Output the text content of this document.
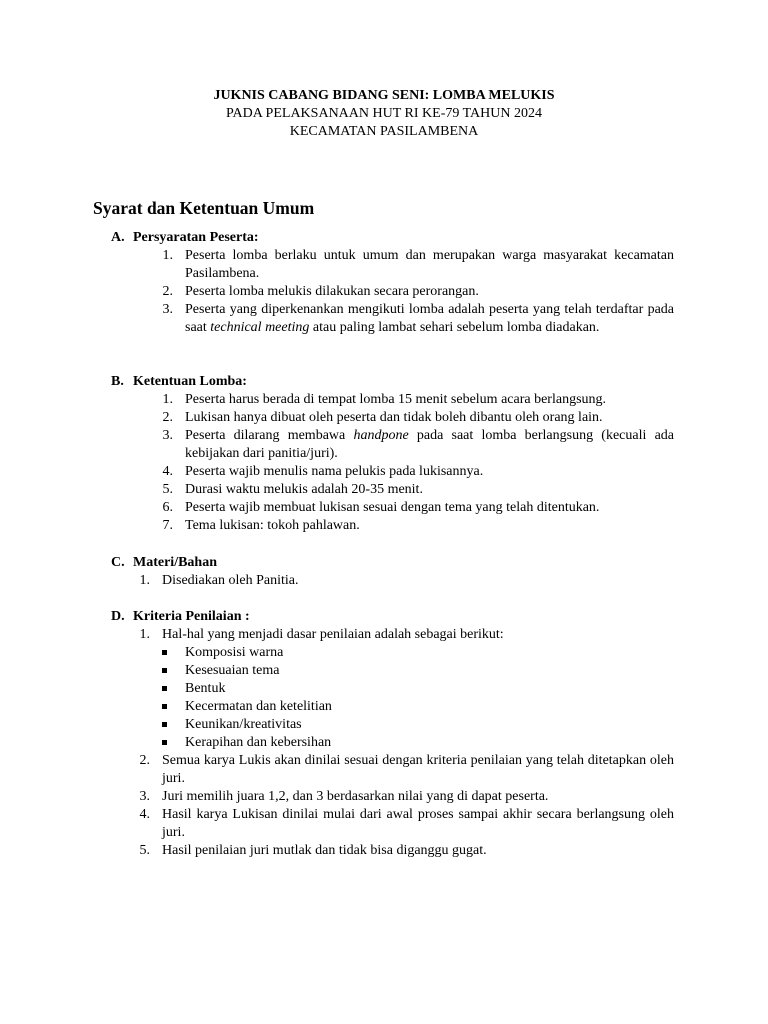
JUKNIS CABANG BIDANG SENI: LOMBA MELUKIS
PADA PELAKSANAAN HUT RI KE-79 TAHUN 2024
KECAMATAN PASILAMBENA
Syarat dan Ketentuan Umum
A. Persyaratan Peserta:
1. Peserta lomba berlaku untuk umum dan merupakan warga masyarakat kecamatan Pasilambena.
2. Peserta lomba melukis dilakukan secara perorangan.
3. Peserta yang diperkenankan mengikuti lomba adalah peserta yang telah terdaftar pada saat technical meeting atau paling lambat sehari sebelum lomba diadakan.
B. Ketentuan Lomba:
1. Peserta harus berada di tempat lomba 15 menit sebelum acara berlangsung.
2. Lukisan hanya dibuat oleh peserta dan tidak boleh dibantu oleh orang lain.
3. Peserta dilarang membawa handpone pada saat lomba berlangsung (kecuali ada kebijakan dari panitia/juri).
4. Peserta wajib menulis nama pelukis pada lukisannya.
5. Durasi waktu melukis adalah 20-35 menit.
6. Peserta wajib membuat lukisan sesuai dengan tema yang telah ditentukan.
7. Tema lukisan: tokoh pahlawan.
C. Materi/Bahan
1. Disediakan oleh Panitia.
D. Kriteria Penilaian :
1. Hal-hal yang menjadi dasar penilaian adalah sebagai berikut:
Komposisi warna
Kesesuaian tema
Bentuk
Kecermatan dan ketelitian
Keunikan/kreativitas
Kerapihan dan kebersihan
2. Semua karya Lukis akan dinilai sesuai dengan kriteria penilaian yang telah ditetapkan oleh juri.
3. Juri memilih juara 1,2, dan 3 berdasarkan nilai yang di dapat peserta.
4. Hasil karya Lukisan dinilai mulai dari awal proses sampai akhir secara berlangsung oleh juri.
5. Hasil penilaian juri mutlak dan tidak bisa diganggu gugat.
